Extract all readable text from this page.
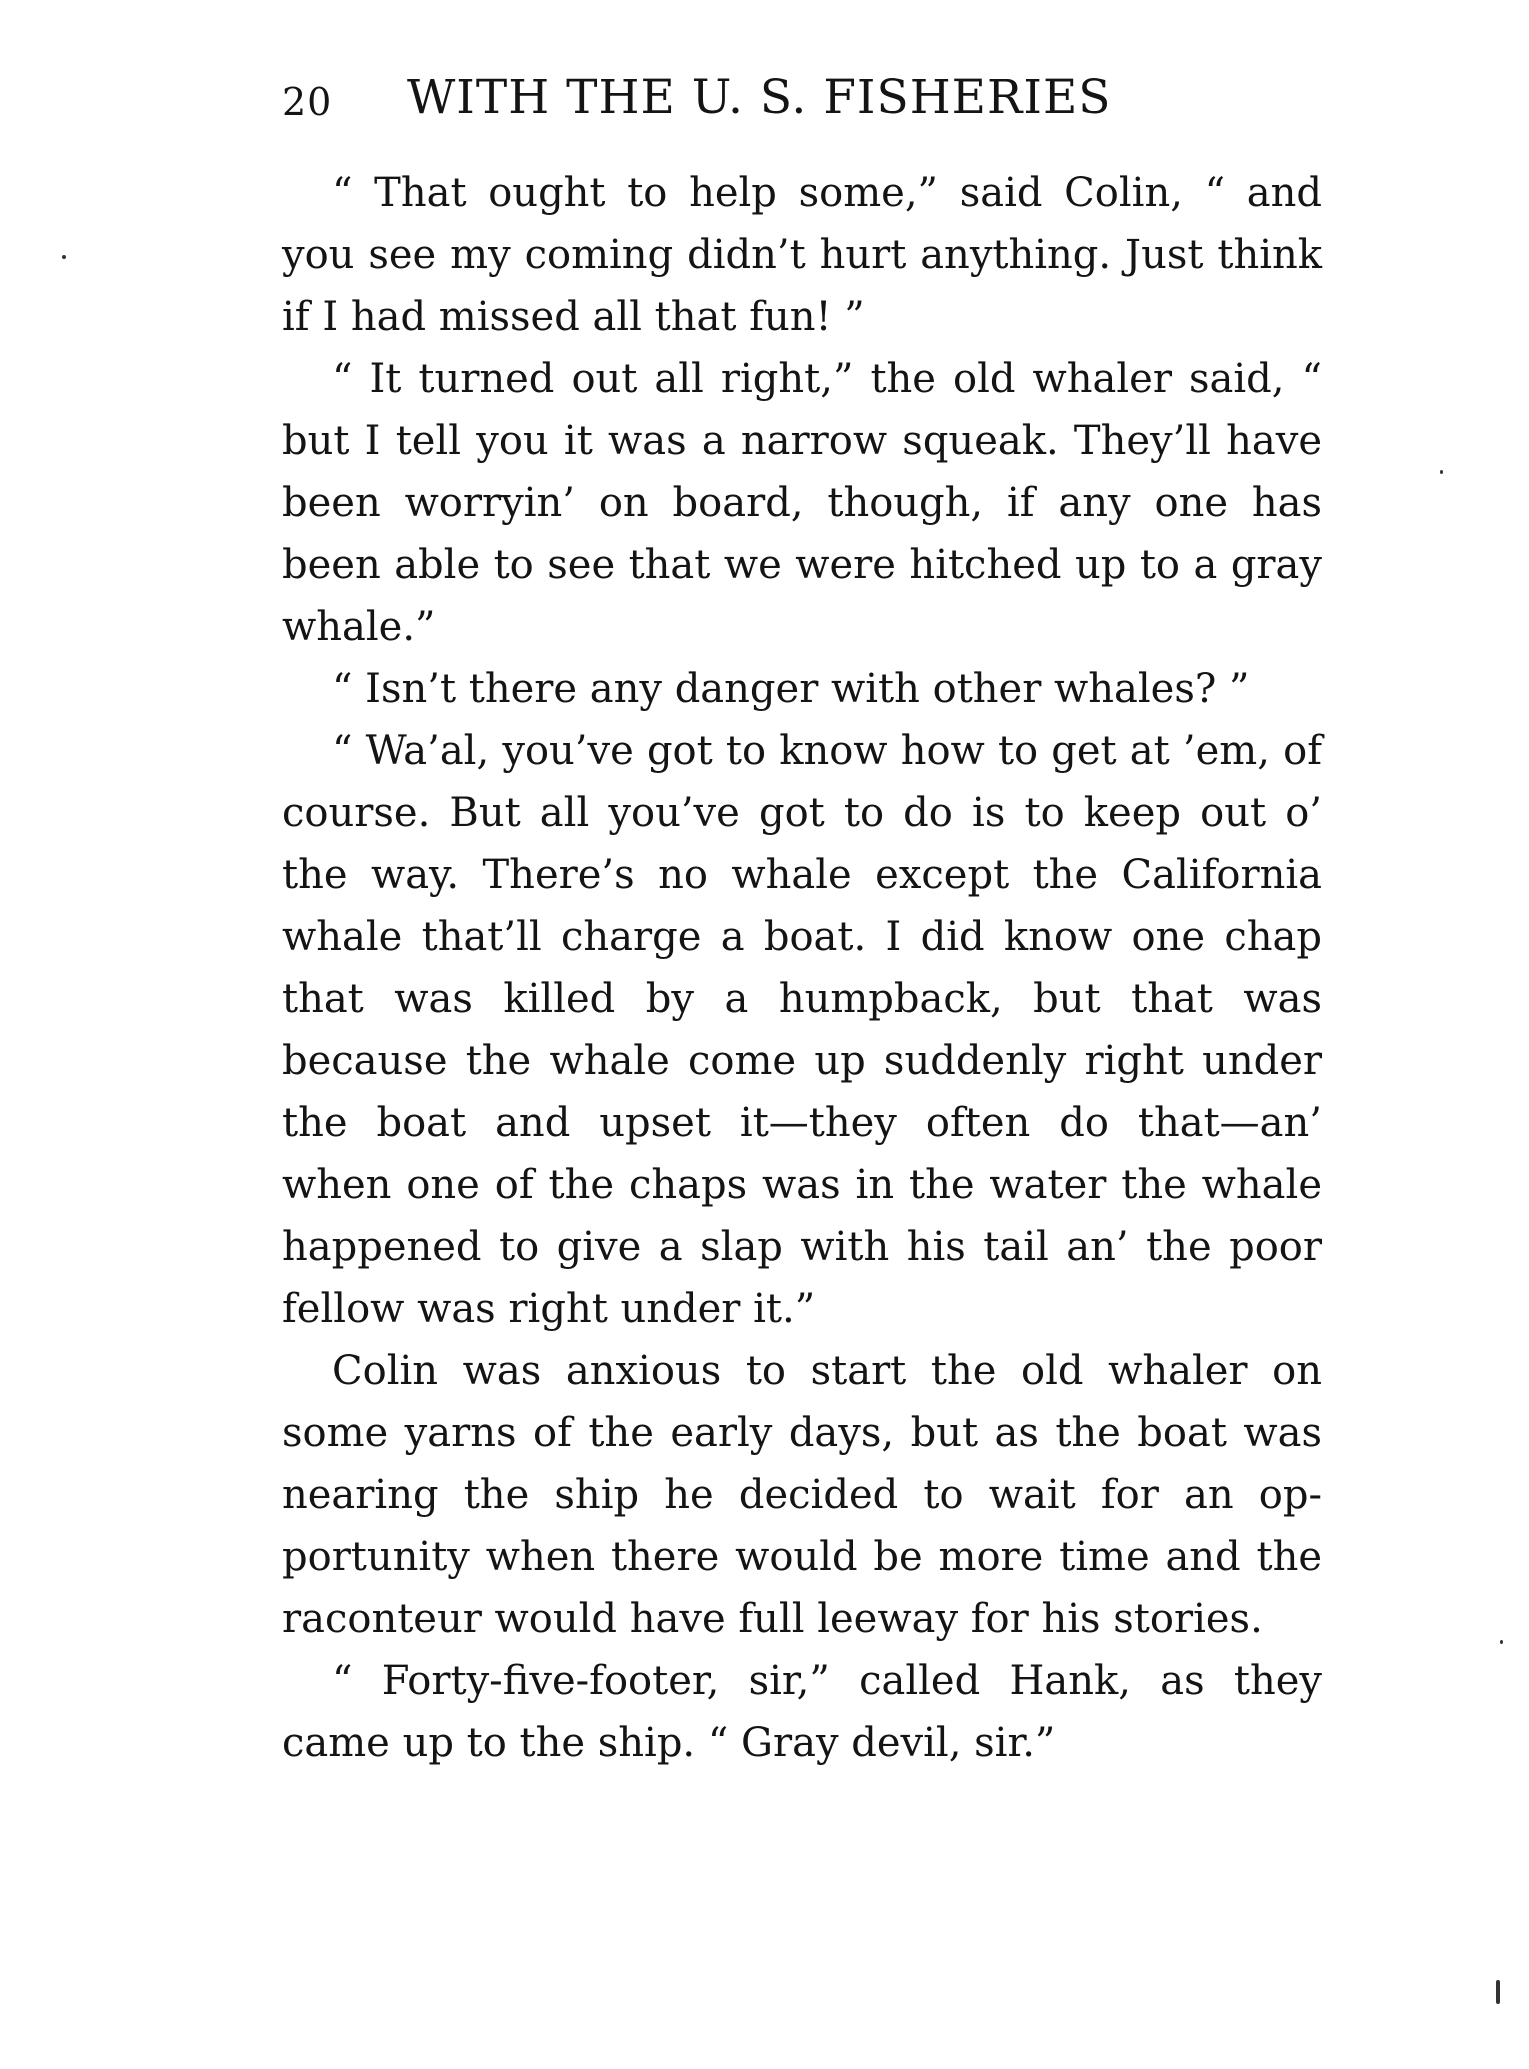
20 WITH THE U. S. FISHERIES

“ That ought to help some,” said Colin, “ and you see my coming didn’t hurt anything. Just think if I had missed all that fun! ”

“ It turned out all right,” the old whaler said, “ but I tell you it was a narrow squeak. They’ll have been worryin’ on board, though, if any one has been able to see that we were hitched up to a gray whale.”

“ Isn’t there any danger with other whales? ”

“ Wa’al, you’ve got to know how to get at ’em, of course. But all you’ve got to do is to keep out o’ the way. There’s no whale except the California whale that’ll charge a boat. I did know one chap that was killed by a humpback, but that was because the whale come up suddenly right under the boat and upset it—they often do that—an’ when one of the chaps was in the water the whale happened to give a slap with his tail an’ the poor fellow was right under it.”

Colin was anxious to start the old whaler on some yarns of the early days, but as the boat was nearing the ship he decided to wait for an opportunity when there would be more time and the raconteur would have full leeway for his stories.

“ Forty-five-footer, sir,” called Hank, as they came up to the ship. “ Gray devil, sir.”
